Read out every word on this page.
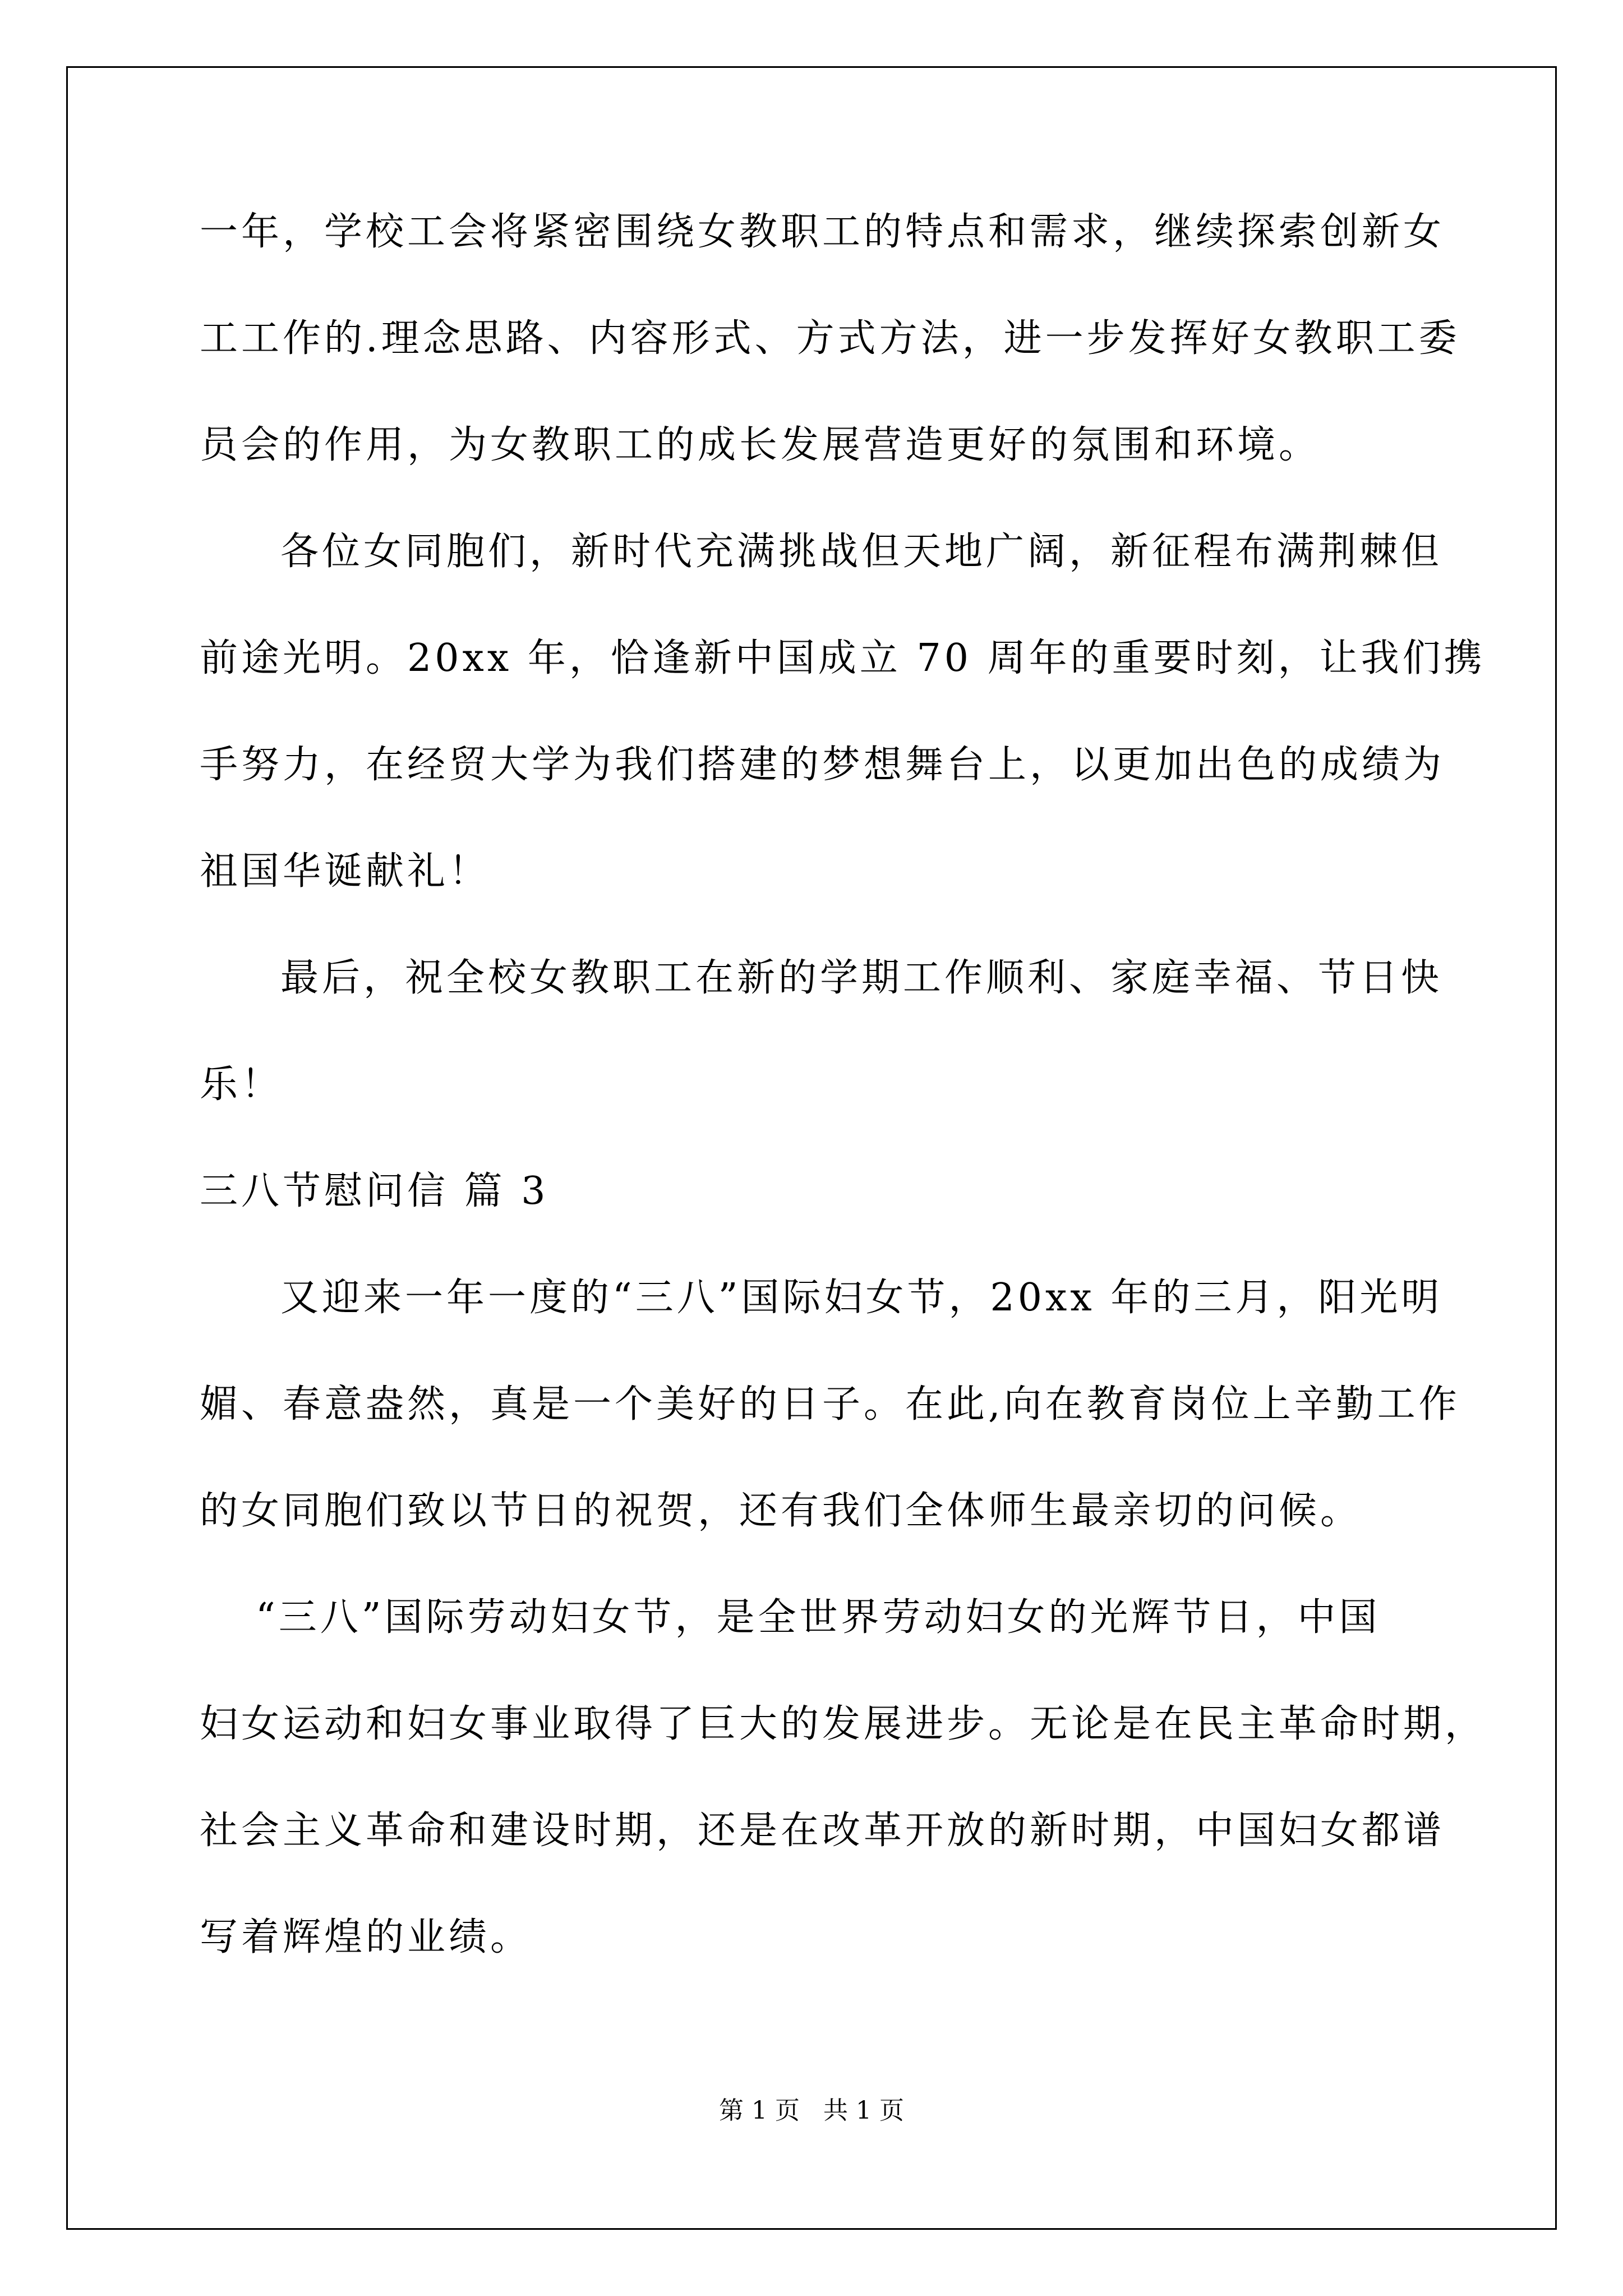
一年，学校工会将紧密围绕女教职工的特点和需求，继续探索创新女
工工作的.理念思路、内容形式、方式方法，进一步发挥好女教职工委
员会的作用，为女教职工的成长发展营造更好的氛围和环境。
各位女同胞们，新时代充满挑战但天地广阔，新征程布满荆棘但
前途光明。20xx 年，恰逢新中国成立 70 周年的重要时刻，让我们携
手努力，在经贸大学为我们搭建的梦想舞台上，以更加出色的成绩为
祖国华诞献礼！
最后，祝全校女教职工在新的学期工作顺利、家庭幸福、节日快
乐！
三八节慰问信 篇 3
又迎来一年一度的“三八”国际妇女节，20xx 年的三月，阳光明
媚、春意盎然，真是一个美好的日子。在此,向在教育岗位上辛勤工作
的女同胞们致以节日的祝贺，还有我们全体师生最亲切的问候。
“三八”国际劳动妇女节，是全世界劳动妇女的光辉节日，中国
妇女运动和妇女事业取得了巨大的发展进步。无论是在民主革命时期，
社会主义革命和建设时期，还是在改革开放的新时期，中国妇女都谱
写着辉煌的业绩。
第 1 页   共 1 页
